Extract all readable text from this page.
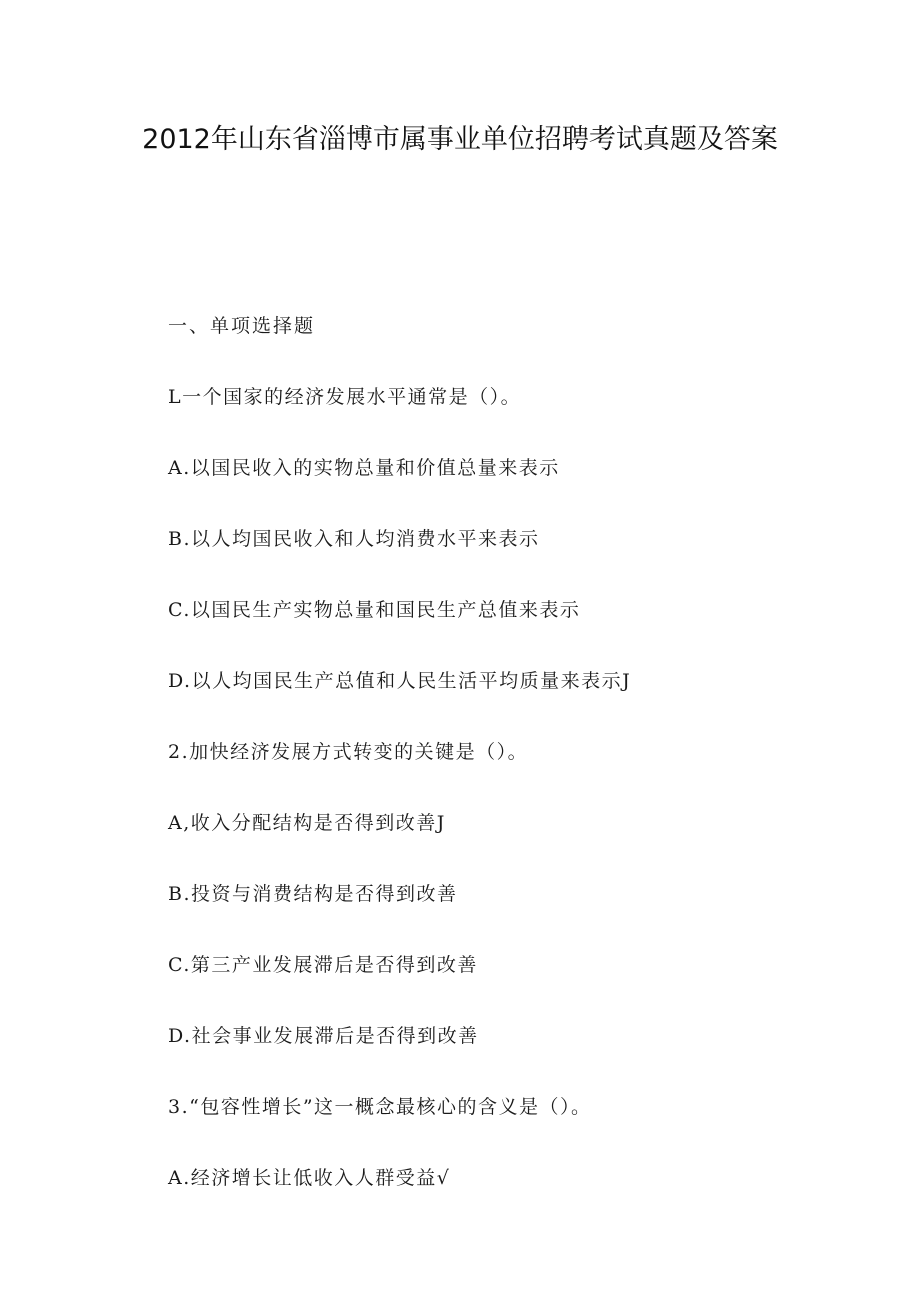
2012年山东省淄博市属事业单位招聘考试真题及答案
一、单项选择题
L一个国家的经济发展水平通常是（）。
A.以国民收入的实物总量和价值总量来表示
B.以人均国民收入和人均消费水平来表示
C.以国民生产实物总量和国民生产总值来表示
D.以人均国民生产总值和人民生活平均质量来表示J
2.加快经济发展方式转变的关键是（）。
A,收入分配结构是否得到改善J
B.投资与消费结构是否得到改善
C.第三产业发展滞后是否得到改善
D.社会事业发展滞后是否得到改善
3.“包容性增长”这一概念最核心的含义是（）。
A.经济增长让低收入人群受益√
